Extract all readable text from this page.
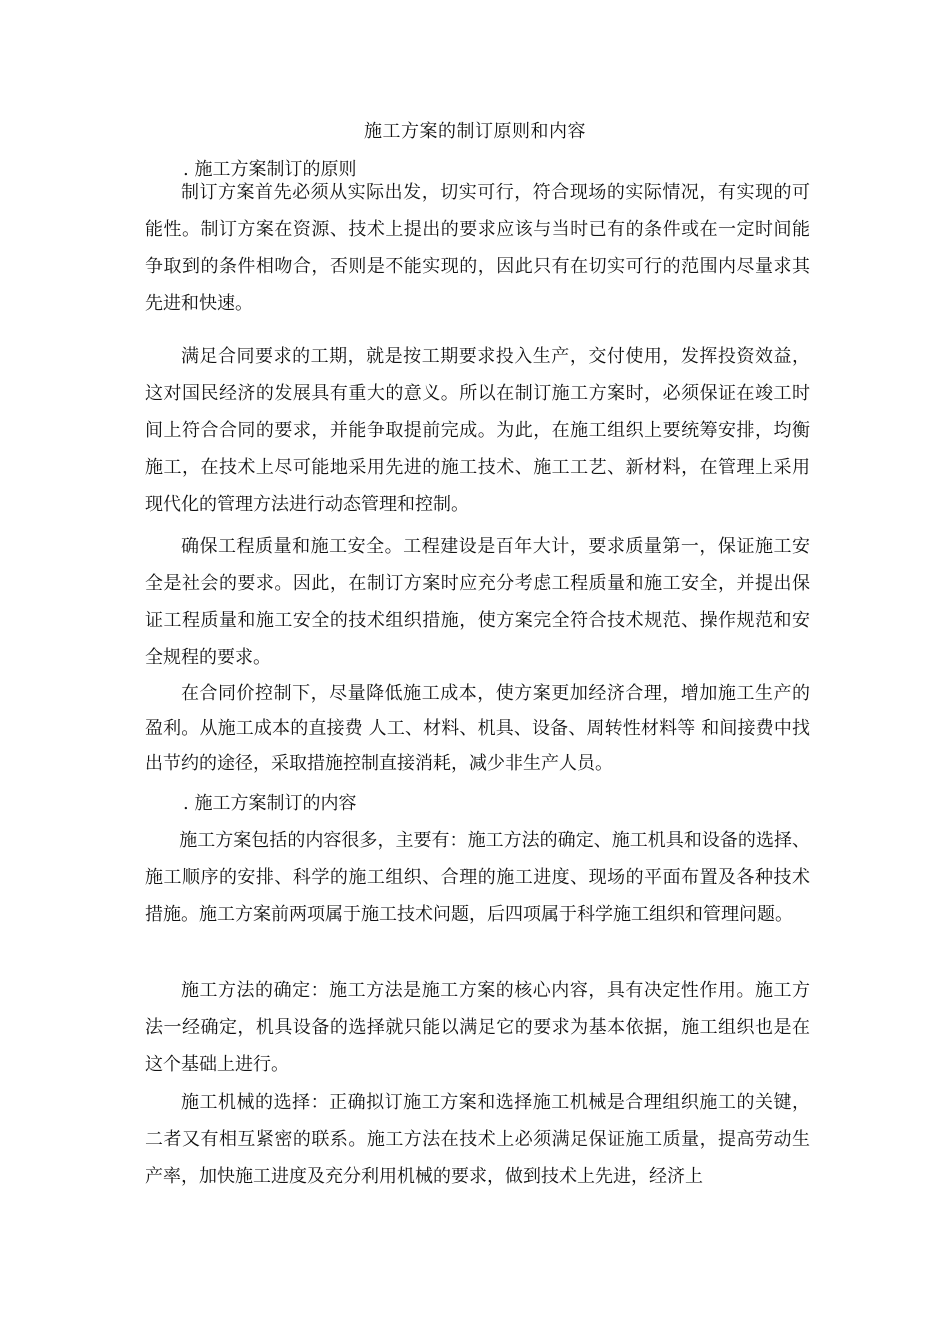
施工方案的制订原则和内容
. 施工方案制订的原则

制订方案首先必须从实际出发，切实可行，符合现场的实际情况，有实现的可能性。制订方案在资源、技术上提出的要求应该与当时已有的条件或在一定时间能争取到的条件相吻合，否则是不能实现的，因此只有在切实可行的范围内尽量求其先进和快速。

满足合同要求的工期，就是按工期要求投入生产，交付使用，发挥投资效益，这对国民经济的发展具有重大的意义。所以在制订施工方案时，必须保证在竣工时间上符合合同的要求，并能争取提前完成。为此，在施工组织上要统筹安排，均衡施工，在技术上尽可能地采用先进的施工技术、施工工艺、新材料，在管理上采用现代化的管理方法进行动态管理和控制。

确保工程质量和施工安全。工程建设是百年大计，要求质量第一，保证施工安全是社会的要求。因此，在制订方案时应充分考虑工程质量和施工安全，并提出保证工程质量和施工安全的技术组织措施，使方案完全符合技术规范、操作规范和安全规程的要求。

在合同价控制下，尽量降低施工成本，使方案更加经济合理，增加施工生产的盈利。从施工成本的直接费 人工、材料、机具、设备、周转性材料等 和间接费中找出节约的途径，采取措施控制直接消耗，减少非生产人员。

. 施工方案制订的内容

施工方案包括的内容很多，主要有：施工方法的确定、施工机具和设备的选择、施工顺序的安排、科学的施工组织、合理的施工进度、现场的平面布置及各种技术措施。施工方案前两项属于施工技术问题，后四项属于科学施工组织和管理问题。

施工方法的确定：施工方法是施工方案的核心内容，具有决定性作用。施工方法一经确定，机具设备的选择就只能以满足它的要求为基本依据，施工组织也是在这个基础上进行。

施工机械的选择：正确拟订施工方案和选择施工机械是合理组织施工的关键，二者又有相互紧密的联系。施工方法在技术上必须满足保证施工质量，提高劳动生产率，加快施工进度及充分利用机械的要求，做到技术上先进，经济上
